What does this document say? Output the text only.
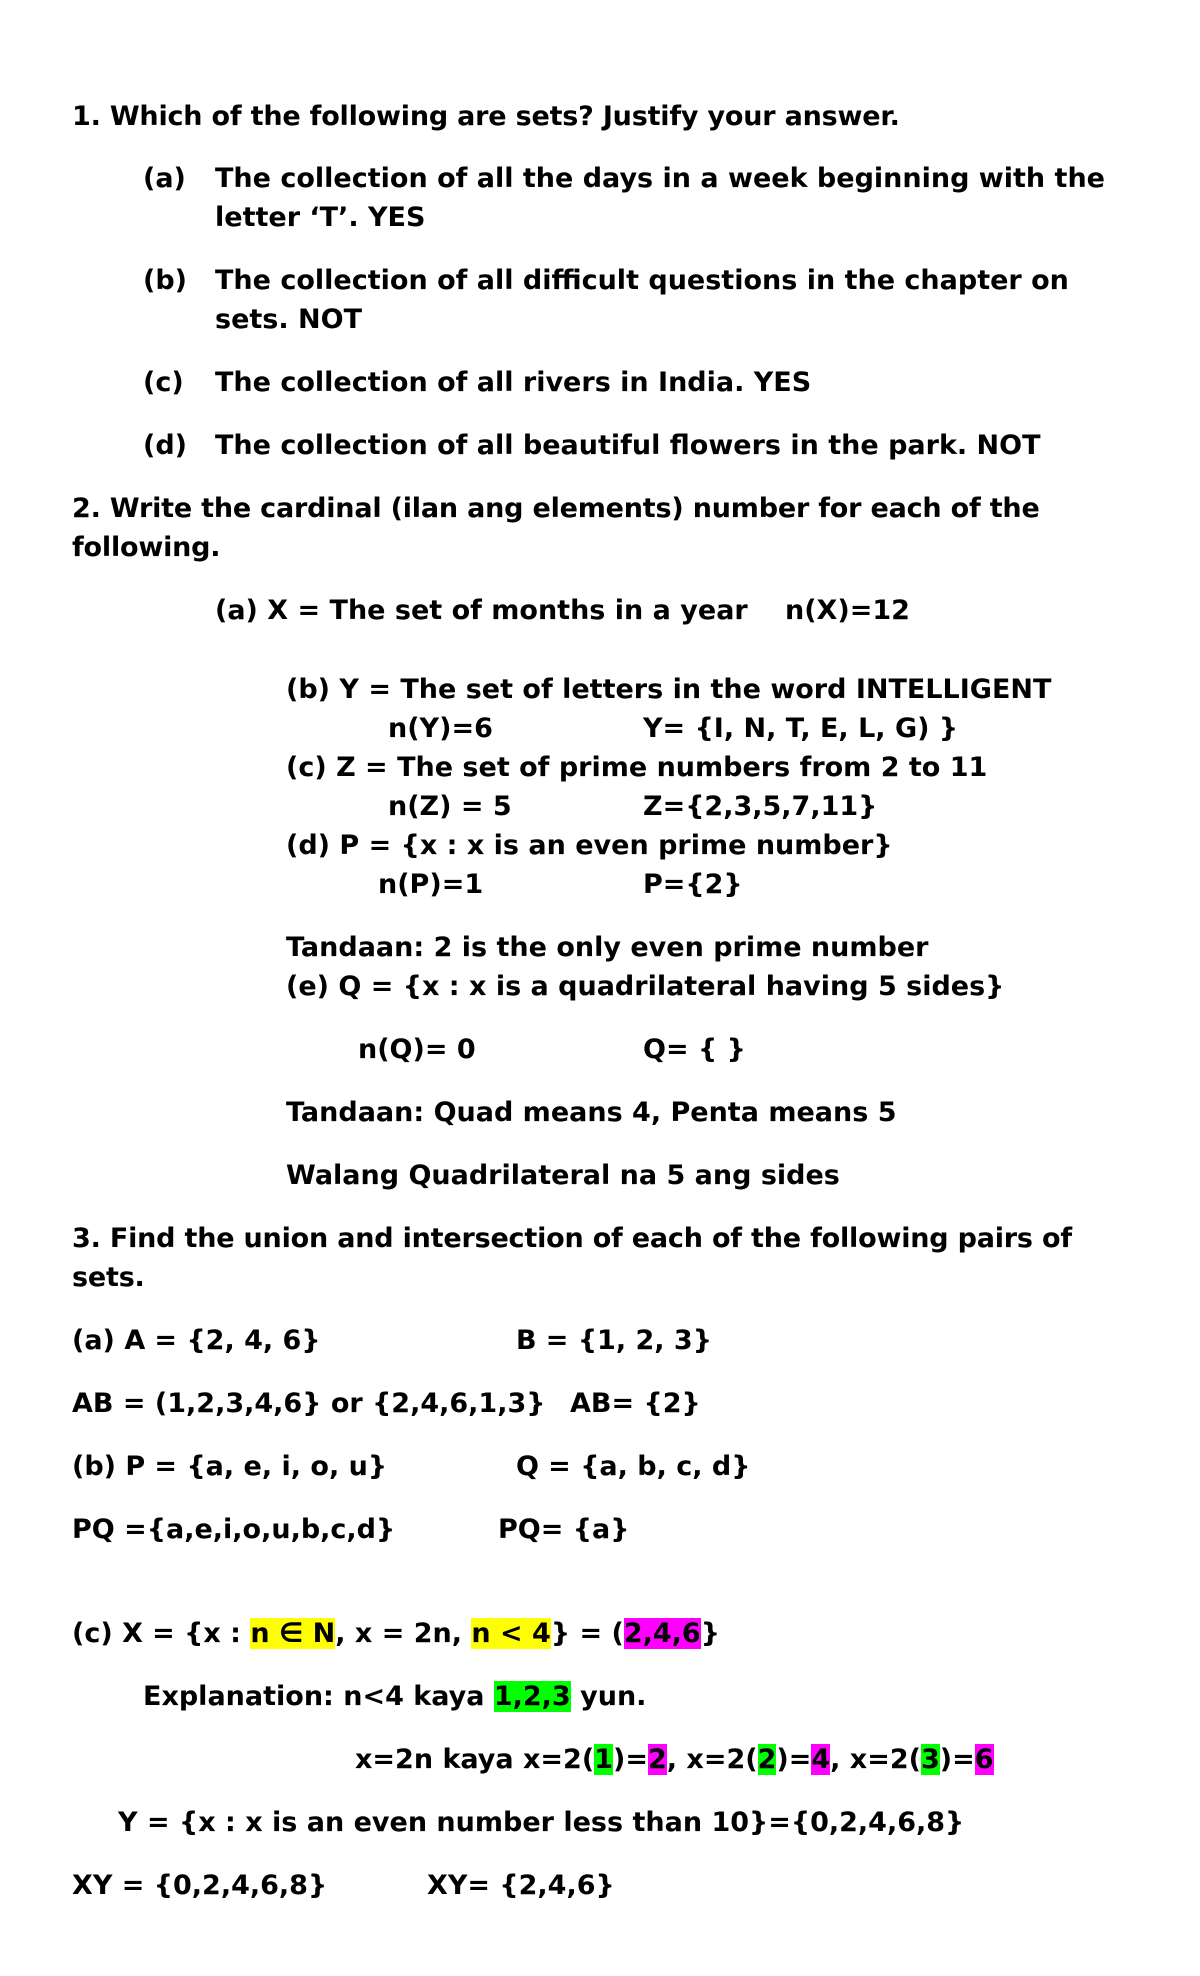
1. Which of the following are sets? Justify your answer.
(a) The collection of all the days in a week beginning with the
letter ‘T’. YES
(b) The collection of all difficult questions in the chapter on
sets. NOT
(c) The collection of all rivers in India. YES
(d) The collection of all beautiful flowers in the park. NOT
2. Write the cardinal (ilan ang elements) number for each of the
following.
(a) X = The set of months in a year n(X)=12
(b) Y = The set of letters in the word INTELLIGENT
n(Y)=6	Y= {I, N, T, E, L, G) }
(c) Z = The set of prime numbers from 2 to 11
n(Z) = 5	Z={2,3,5,7,11}
(d) P = {x : x is an even prime number}
n(P)=1	P={2}
Tandaan: 2 is the only even prime number
(e) Q = {x : x is a quadrilateral having 5 sides}
n(Q)= 0	Q= { }
Tandaan: Quad means 4, Penta means 5
Walang Quadrilateral na 5 ang sides
3. Find the union and intersection of each of the following pairs of
sets.
(a) A = {2, 4, 6}	B = {1, 2, 3}
AB = (1,2,3,4,6} or {2,4,6,1,3} AB= {2}
(b) P = {a, e, i, o, u}	Q = {a, b, c, d}
PQ ={a,e,i,o,u,b,c,d}	PQ= {a}
(c) X = {x : n ∈ N, x = 2n, n < 4} = (2,4,6}
Explanation: n<4 kaya 1,2,3 yun.
x=2n kaya x=2(1)=2, x=2(2)=4, x=2(3)=6
Y = {x : x is an even number less than 10}={0,2,4,6,8}
XY = {0,2,4,6,8}	XY= {2,4,6}
